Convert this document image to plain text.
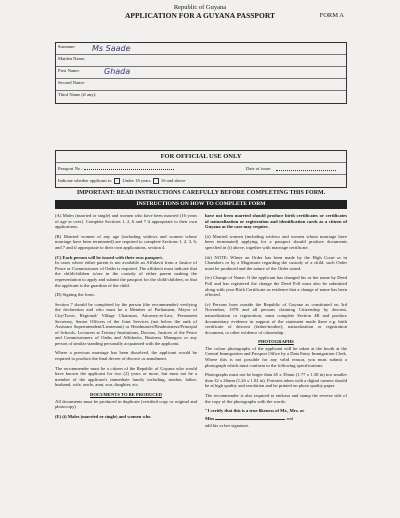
Republic of Guyana
APPLICATION FOR A GUYANA PASSPORT	FORM A
Surname: Ms Saade
Maiden Name:
First Name:	Ghada
Second Name:
Third Name (if any):
FOR OFFICIAL USE ONLY
Passport No.:	Date of issue:
Indicate whether applicant is: Under 16 years 16 and above
IMPORTANT: READ INSTRUCTIONS CAREFULLY BEFORE COMPLETING THIS FORM.
INSTRUCTIONS ON HOW TO COMPLETE FORM

(A) Males (married or single) and women who have been married (16 years of age or over). Complete Sections 1, 2, 6 and 7 if appropriate to their own applications.

(B) Married women of any age (including widows and women whose marriage have been terminated) are required to complete Sections 1, 2, 3, 6, and 7 and if appropriate to their own applications, section 4.

(C) Each person will be issued with their own passport.

In cases where either parent is not available an Affidavit from a Justice of Peace or Commissioner of Oaths is required. The affidavit must indicate that the child/children is/are in the custody of either parent making the representation to apply and submit the passport for the child/children, or that the applicant is the guardian of the child.

(D) Signing the form.

Section 7 should be completed by the person (the recommender) verifying the declaration and who must be a Member of Parliament, Mayor of City/Town, Regional/ Village Chairman, Attorney-at-Law, Permanent Secretary, Senior Officers of the Joint Services (not below the rank of Assistant Superintendent/Lieutenant) or Headmaster/Headmistress/Principal of Schools, Lecturers at Tertiary Institutions, Doctors, Justices of the Peace and Commissioners of Oaths and Affidavits, Business Managers or any person of similar standing personally acquainted with the applicant.

Where a previous marriage has been dissolved, the applicant would be required to produce the final decree of divorce or annulment.

The recommender must be a citizen of the Republic of Guyana who would have known the applicant for two (2) years or more, but must not be a member of the applicant's immediate family including, mother, father, husband, wife, uncle, aunt, son, daughter, etc.

DOCUMENTS TO BE PRODUCED

All documents must be produced in duplicate (certified copy or original and photocopy)

(E) (i) Males (married or single) and women who

have not been married should produce birth certificates or certificates of naturalization or registration and identification cards as a citizen of Guyana as the case may require.

(ii) Married women (including widows and women whose marriage have been terminated) applying for a passport should produce documents specified in (i) above, together with marriage certificate.

(iii) NOTE: Where an Order has been made by the High Court or in Chambers or by a Magistrate regarding the custody of a child, such Order must be produced and the nature of the Order stated.

(iv) Change of Name. If the applicant has changed his or her name by Deed Poll and has registered the change the Deed Poll must also be submitted along with your Birth Certificate as evidence that a change of name has been effected.

(v) Persons born outside the Republic of Guyana as constituted on 3rd November, 1978 and all persons claiming Citizenship by descent, naturalization or registration, must complete Section 4B and produce documentary evidence in support of the statement made there e.g. birth certificate of descent (father/mother), naturalization or registration document, or other evidence of citizenship.

PHOTOGRAPHS

The colour photographs of the applicant will be taken at the booth at the Central Immigration and Passport Office by a Data Entry Immigration Clerk. Where this is not possible for any valid reason, you must submit a photograph which must conform to the following specifications:

Photographs must not be larger than 45 x 35mm (1.77 x 1.38 in) nor smaller than 32 x 26mm (1.26 x 1.02 in). Portraits taken with a digital camera should be at high quality and resolution and be printed on photo quality paper.

The recommender is also required to endorse and stamp the reverse side of the copy of the photographs with the words:

"I certify that this is a true likeness of Mr., Mrs. or

Miss	and

add his or her signature.
